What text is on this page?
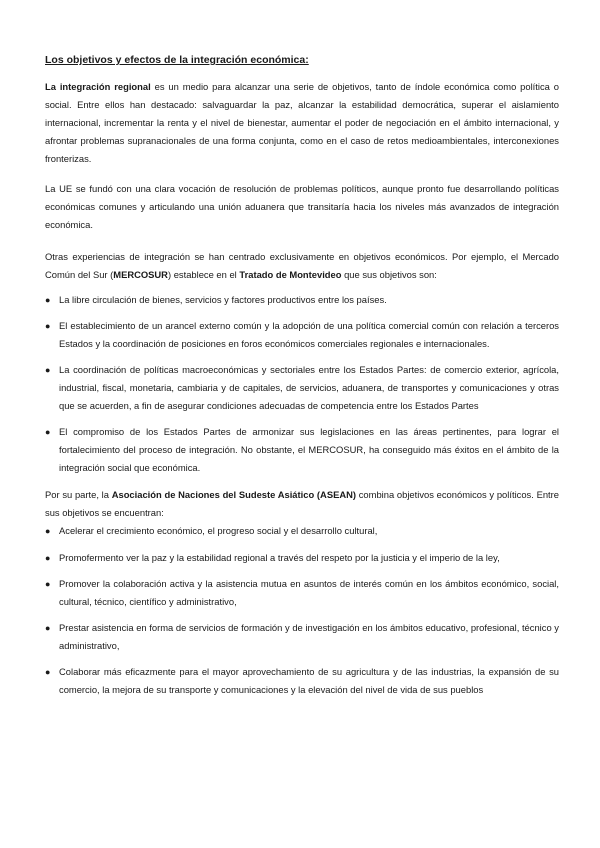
Los objetivos y efectos de la integración económica:

La integración regional es un medio para alcanzar una serie de objetivos, tanto de índole económica como política o social. Entre ellos han destacado: salvaguardar la paz, alcanzar la estabilidad democrática, superar el aislamiento internacional, incrementar la renta y el nivel de bienestar, aumentar el poder de negociación en el ámbito internacional, y afrontar problemas supranacionales de una forma conjunta, como en el caso de retos medioambientales, interconexiones fronterizas.

La UE se fundó con una clara vocación de resolución de problemas políticos, aunque pronto fue desarrollando políticas económicas comunes y articulando una unión aduanera que transitaría hacia los niveles más avanzados de integración económica.

Otras experiencias de integración se han centrado exclusivamente en objetivos económicos. Por ejemplo, el Mercado Común del Sur (MERCOSUR) establece en el Tratado de Montevideo que sus objetivos son:

● La libre circulación de bienes, servicios y factores productivos entre los países.
● El establecimiento de un arancel externo común y la adopción de una política comercial común con relación a terceros Estados y la coordinación de posiciones en foros económicos comerciales regionales e internacionales.
● La coordinación de políticas macroeconómicas y sectoriales entre los Estados Partes: de comercio exterior, agrícola, industrial, fiscal, monetaria, cambiaria y de capitales, de servicios, aduanera, de transportes y comunicaciones y otras que se acuerden, a fin de asegurar condiciones adecuadas de competencia entre los Estados Partes
● El compromiso de los Estados Partes de armonizar sus legislaciones en las áreas pertinentes, para lograr el fortalecimiento del proceso de integración. No obstante, el MERCOSUR, ha conseguido más éxitos en el ámbito de la integración social que económica.

Por su parte, la Asociación de Naciones del Sudeste Asiático (ASEAN) combina objetivos económicos y políticos. Entre sus objetivos se encuentran:

● Acelerar el crecimiento económico, el progreso social y el desarrollo cultural,
● Promofermento ver la paz y la estabilidad regional a través del respeto por la justicia y el imperio de la ley,
● Promover la colaboración activa y la asistencia mutua en asuntos de interés común en los ámbitos económico, social, cultural, técnico, científico y administrativo,
● Prestar asistencia en forma de servicios de formación y de investigación en los ámbitos educativo, profesional, técnico y administrativo,
● Colaborar más eficazmente para el mayor aprovechamiento de su agricultura y de las industrias, la expansión de su comercio, la mejora de su transporte y comunicaciones y la elevación del nivel de vida de sus pueblos
